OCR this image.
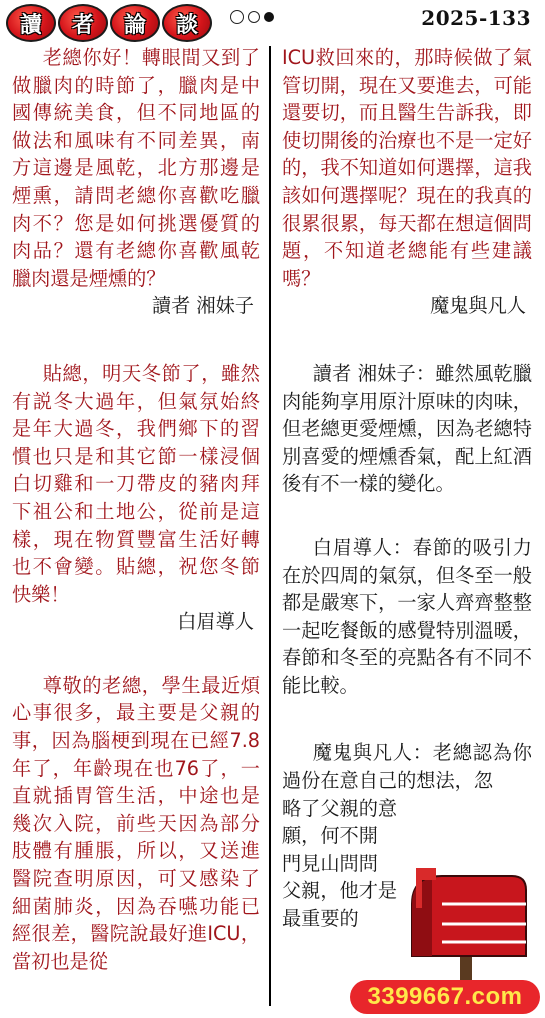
讀	者	論	談	2025-133

老總你好！轉眼間又到了做臘肉的時節了，臘肉是中國傳統美食，但不同地區的做法和風味有不同差異，南方這邊是風乾，北方那邊是煙熏，請問老總你喜歡吃臘肉不？您是如何挑選優質的肉品？還有老總你喜歡風乾臘肉還是煙燻的？

讀者 湘妹子

貼總，明天冬節了，雖然有説冬大過年，但氣氛始終是年大過冬，我們鄉下的習慣也只是和其它節一樣浸個白切雞和一刀帶皮的豬肉拜下祖公和土地公，從前是這樣，現在物質豐富生活好轉也不會變。貼總，祝您冬節快樂！

白眉導人

尊敬的老總，學生最近煩心事很多，最主要是父親的事，因為腦梗到現在已經7.8年了，年齡現在也76了，一直就插胃管生活，中途也是幾次入院，前些天因為部分肢體有腫脹，所以，又送進醫院查明原因，可又感染了細菌肺炎，因為吞嚥功能已經很差，醫院說最好進ICU，當初也是從

ICU救回來的，那時候做了氣管切開，現在又要進去，可能還要切，而且醫生告訴我，即使切開後的治療也不是一定好的，我不知道如何選擇，這我該如何選擇呢？現在的我真的很累很累，每天都在想這個問題，不知道老總能有些建議嗎？

魔鬼與凡人

讀者 湘妹子：雖然風乾臘肉能夠享用原汁原味的肉味，但老總更愛煙燻，因為老總特別喜愛的煙燻香氣，配上紅酒後有不一樣的變化。

白眉導人：春節的吸引力在於四周的氣氛，但冬至一般都是嚴寒下，一家人齊齊整整一起吃餐飯的感覺特別溫暖，春節和冬至的亮點各有不同不能比較。

魔鬼與凡人：老總認為你過份在意自己的想法，忽

略了父親的意

願，何不開

門見山問問

父親，他才是

最重要的

3399667.com
